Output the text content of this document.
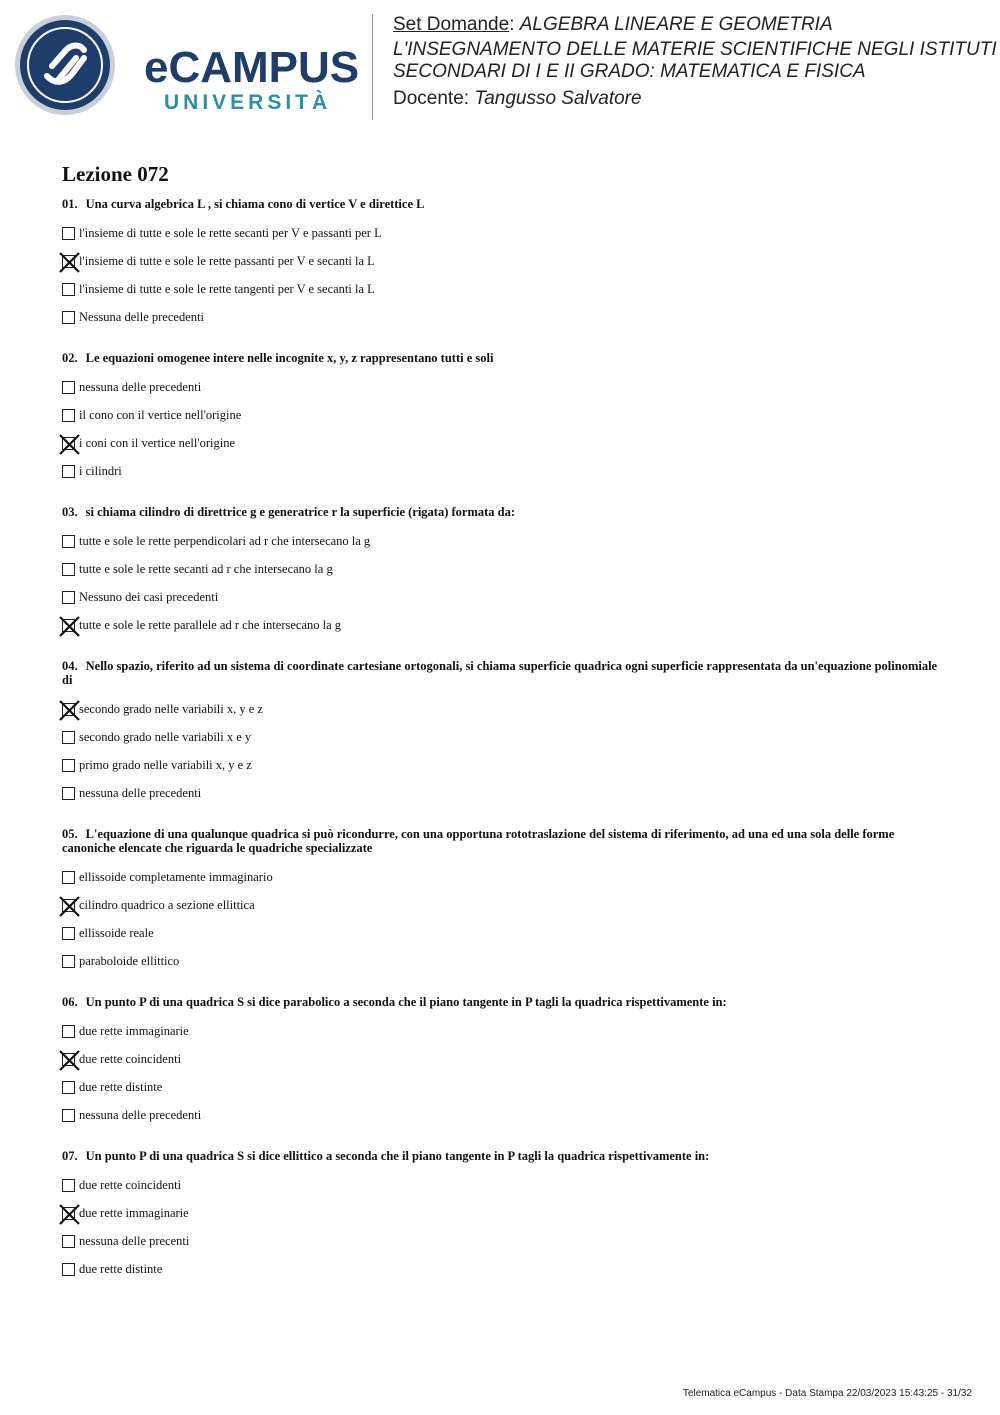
eCAMPUS
UNIVERSITÀ
Set Domande: ALGEBRA LINEARE E GEOMETRIA
L'INSEGNAMENTO DELLE MATERIE SCIENTIFICHE NEGLI ISTITUTI
SECONDARI DI I E II GRADO: MATEMATICA E FISICA
Docente: Tangusso Salvatore
Lezione 072
01. Una curva algebrica L , si chiama cono di vertice V e direttice L
l'insieme di tutte e sole le rette secanti per V e passanti per L
l'insieme di tutte e sole le rette passanti per V e secanti la L
l'insieme di tutte e sole le rette tangenti per V e secanti la L
Nessuna delle precedenti
02. Le equazioni omogenee intere nelle incognite x, y, z rappresentano tutti e soli
nessuna delle precedenti
il cono con il vertice nell'origine
i coni con il vertice nell'origine
i cilindri
03. si chiama cilindro di direttrice g e generatrice r la superficie (rigata) formata da:
tutte e sole le rette perpendicolari ad r che intersecano la g
tutte e sole le rette secanti ad r che intersecano la g
Nessuno dei casi precedenti
tutte e sole le rette parallele ad r che intersecano la g
04. Nello spazio, riferito ad un sistema di coordinate cartesiane ortogonali, si chiama superficie quadrica ogni superficie rappresentata da un'equazione polinomiale di
secondo grado nelle variabili x, y e z
secondo grado nelle variabili x e y
primo grado nelle variabili x, y e z
nessuna delle precedenti
05. L'equazione di una qualunque quadrica si può ricondurre, con una opportuna rototraslazione del sistema di riferimento, ad una ed una sola delle forme canoniche elencate che riguarda le quadriche specializzate
ellissoide completamente immaginario
cilindro quadrico a sezione ellittica
ellissoide reale
paraboloide ellittico
06. Un punto P di una quadrica S si dice parabolico a seconda che il piano tangente in P tagli la quadrica rispettivamente in:
due rette immaginarie
due rette coincidenti
due rette distinte
nessuna delle precedenti
07. Un punto P di una quadrica S si dice ellittico a seconda che il piano tangente in P tagli la quadrica rispettivamente in:
due rette coincidenti
due rette immaginarie
nessuna delle precenti
due rette distinte
Telematica eCampus - Data Stampa 22/03/2023 15:43:25 - 31/32
